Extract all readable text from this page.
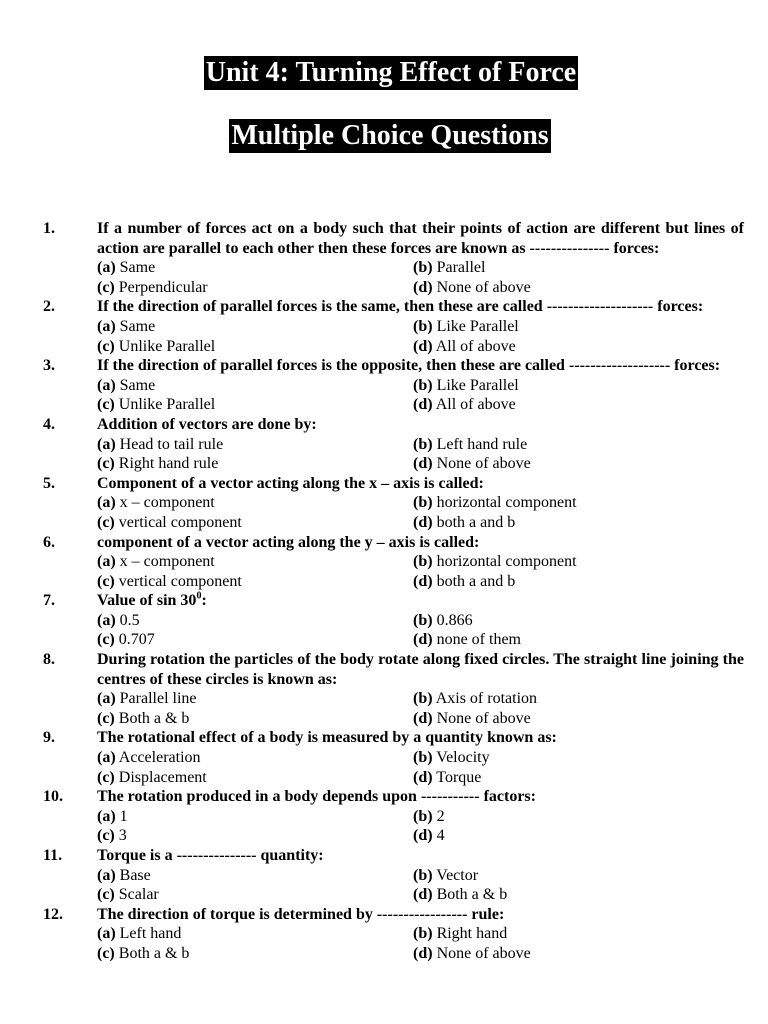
Unit 4: Turning Effect of Force
Multiple Choice Questions
1.	If a number of forces act on a body such that their points of action are different but lines of action are parallel to each other then these forces are known as --------------- forces:
(a) Same	(b) Parallel
(c) Perpendicular	(d) None of above
2.	If the direction of parallel forces is the same, then these are called -------------------- forces:
(a) Same	(b) Like Parallel
(c) Unlike Parallel	(d) All of above
3.	If the direction of parallel forces is the opposite, then these are called ------------------- forces:
(a) Same	(b) Like Parallel
(c) Unlike Parallel	(d) All of above
4.	Addition of vectors are done by:
(a) Head to tail rule	(b) Left hand rule
(c) Right hand rule	(d) None of above
5.	Component of a vector acting along the x – axis is called:
(a) x – component	(b) horizontal component
(c) vertical component	(d) both a and b
6.	component of a vector acting along the y – axis is called:
(a) x – component	(b) horizontal component
(c) vertical component	(d) both a and b
7.	Value of $\sin 30^0$:
(a) 0.5	(b) 0.866
(c) 0.707	(d) none of them
8.	During rotation the particles of the body rotate along fixed circles. The straight line joining the centres of these circles is known as:
(a) Parallel line	(b) Axis of rotation
(c) Both a & b	(d) None of above
9.	The rotational effect of a body is measured by a quantity known as:
(a) Acceleration	(b) Velocity
(c) Displacement	(d) Torque
10. The rotation produced in a body depends upon ----------- factors:
(a) 1	(b) 2
(c) 3	(d) 4
11. Torque is a --------------- quantity:
(a) Base	(b) Vector
(c) Scalar	(d) Both a & b
12. The direction of torque is determined by ----------------- rule:
(a) Left hand	(b) Right hand
(c) Both a & b	(d) None of above
